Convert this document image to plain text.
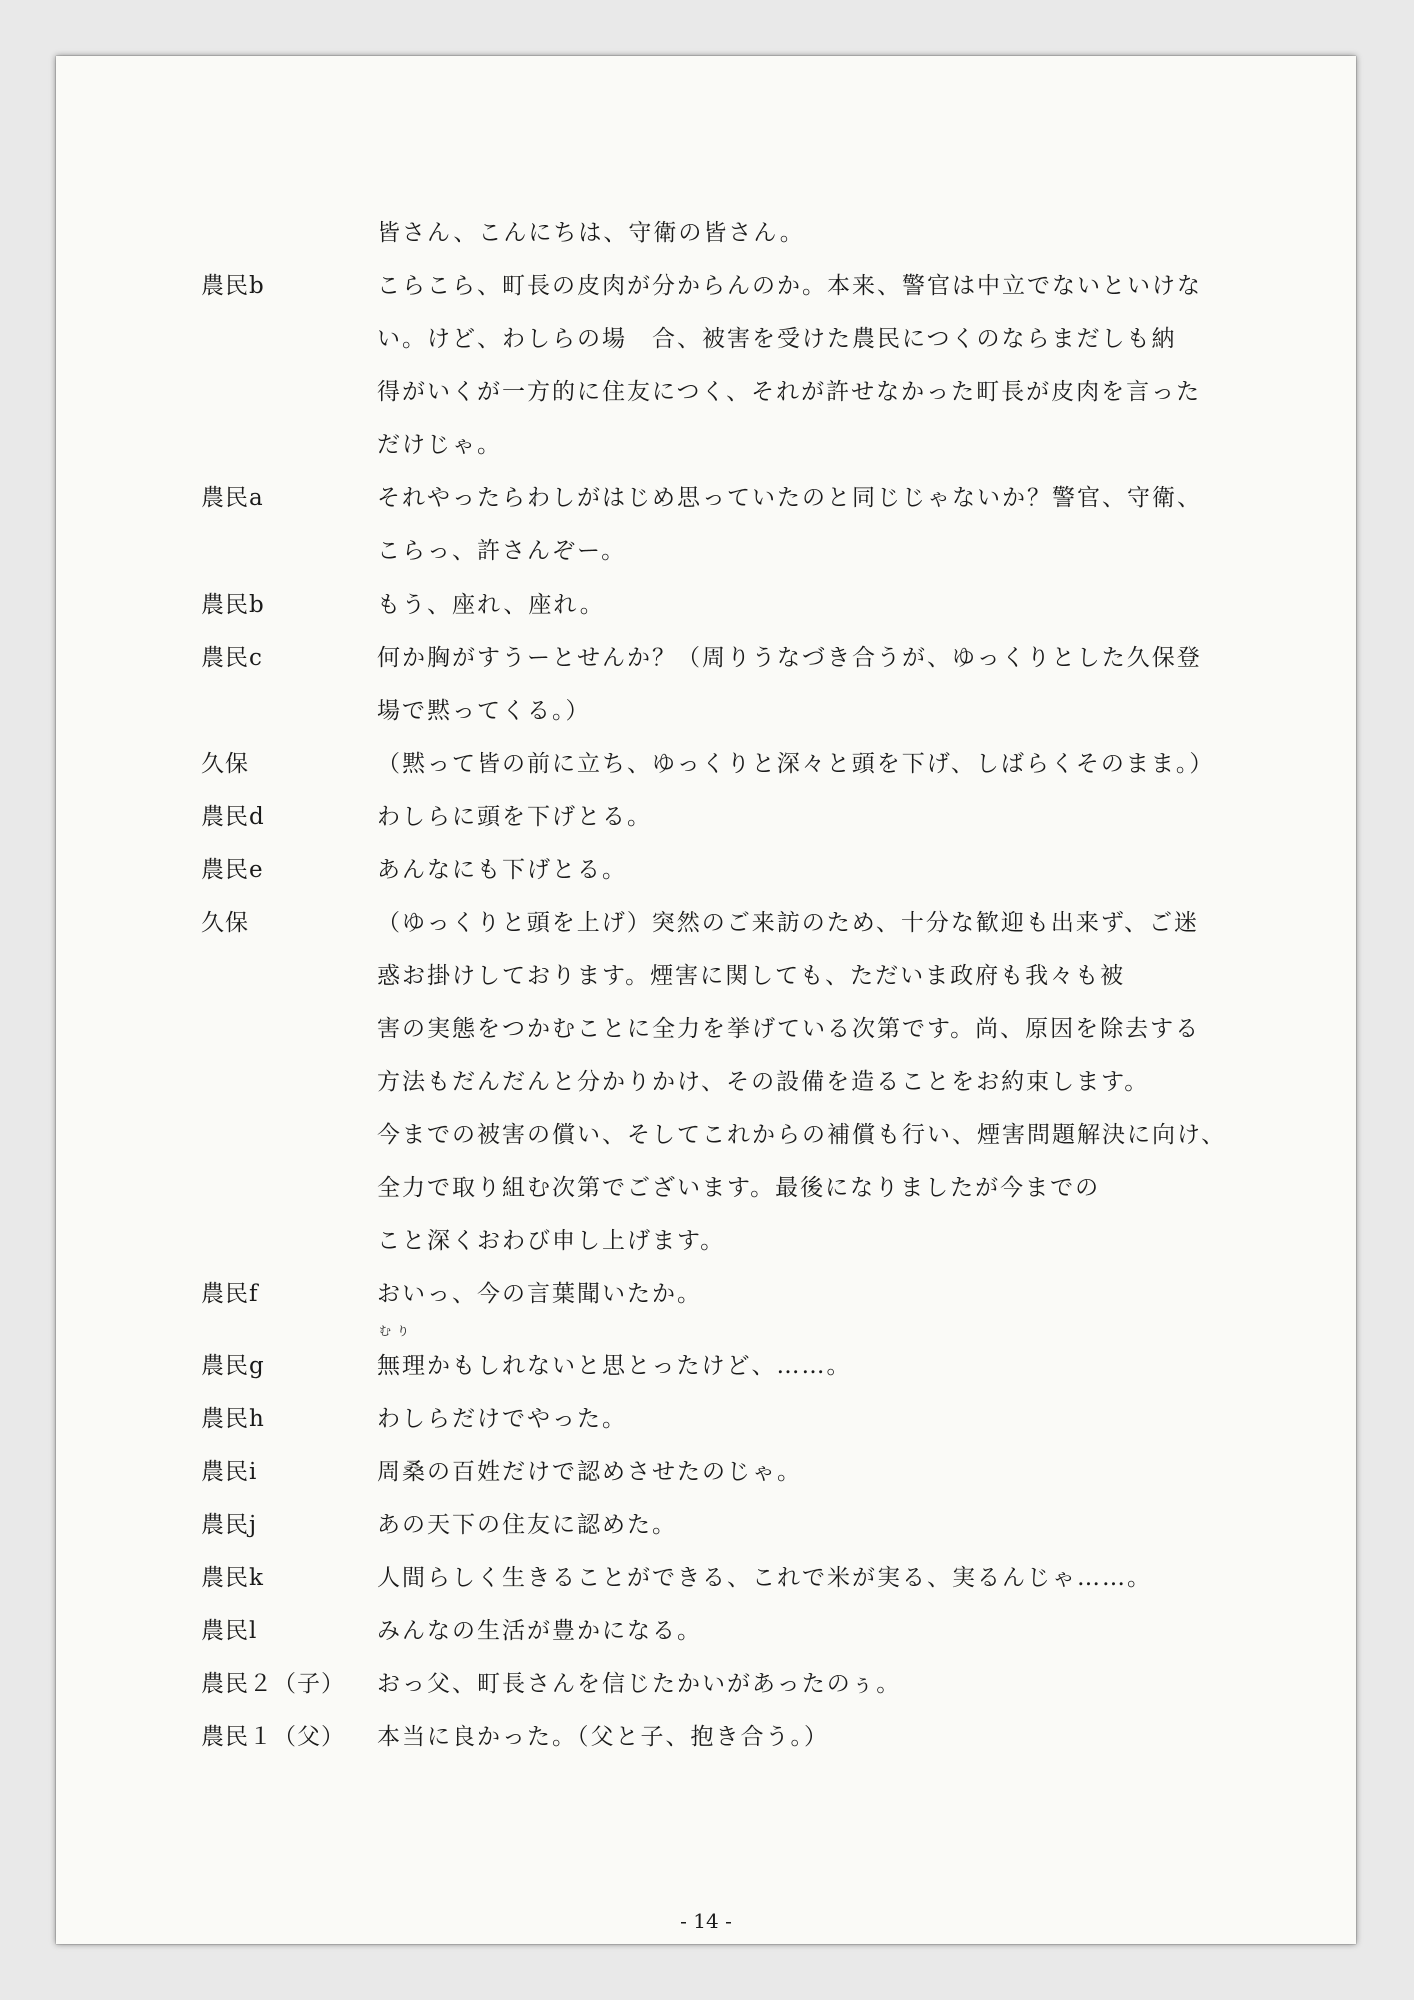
皆さん、こんにちは、守衛の皆さん。
農民b	こらこら、町長の皮肉が分からんのか。本来、警官は中立でないといけな
い。けど、わしらの場　合、被害を受けた農民につくのならまだしも納
得がいくが一方的に住友につく、それが許せなかった町長が皮肉を言った
だけじゃ。
農民a	それやったらわしがはじめ思っていたのと同じじゃないか？警官、守衛、
こらっ、許さんぞー。
農民b	もう、座れ、座れ。
農民c	何か胸がすうーとせんか？（周りうなづき合うが、ゆっくりとした久保登
場で黙ってくる。）
久保	（黙って皆の前に立ち、ゆっくりと深々と頭を下げ、しばらくそのまま。）
農民d	わしらに頭を下げとる。
農民e	あんなにも下げとる。
久保	（ゆっくりと頭を上げ）突然のご来訪のため、十分な歓迎も出来ず、ご迷
惑お掛けしております。煙害に関しても、ただいま政府も我々も被
害の実態をつかむことに全力を挙げている次第です。尚、原因を除去する
方法もだんだんと分かりかけ、その設備を造ることをお約束します。
今までの被害の償い、そしてこれからの補償も行い、煙害問題解決に向け、
全力で取り組む次第でございます。最後になりましたが今までの
こと深くおわび申し上げます。
農民f	おいっ、今の言葉聞いたか。
農民g	無理かもしれないと思とったけど、……。
むり
農民h	わしらだけでやった。
農民i	周桑の百姓だけで認めさせたのじゃ。
農民j	あの天下の住友に認めた。
農民k	人間らしく生きることができる、これで米が実る、実るんじゃ……。
農民l	みんなの生活が豊かになる。
農民２（子） おっ父、町長さんを信じたかいがあったのぅ。
農民１（父） 本当に良かった。（父と子、抱き合う。）
- 14 -
